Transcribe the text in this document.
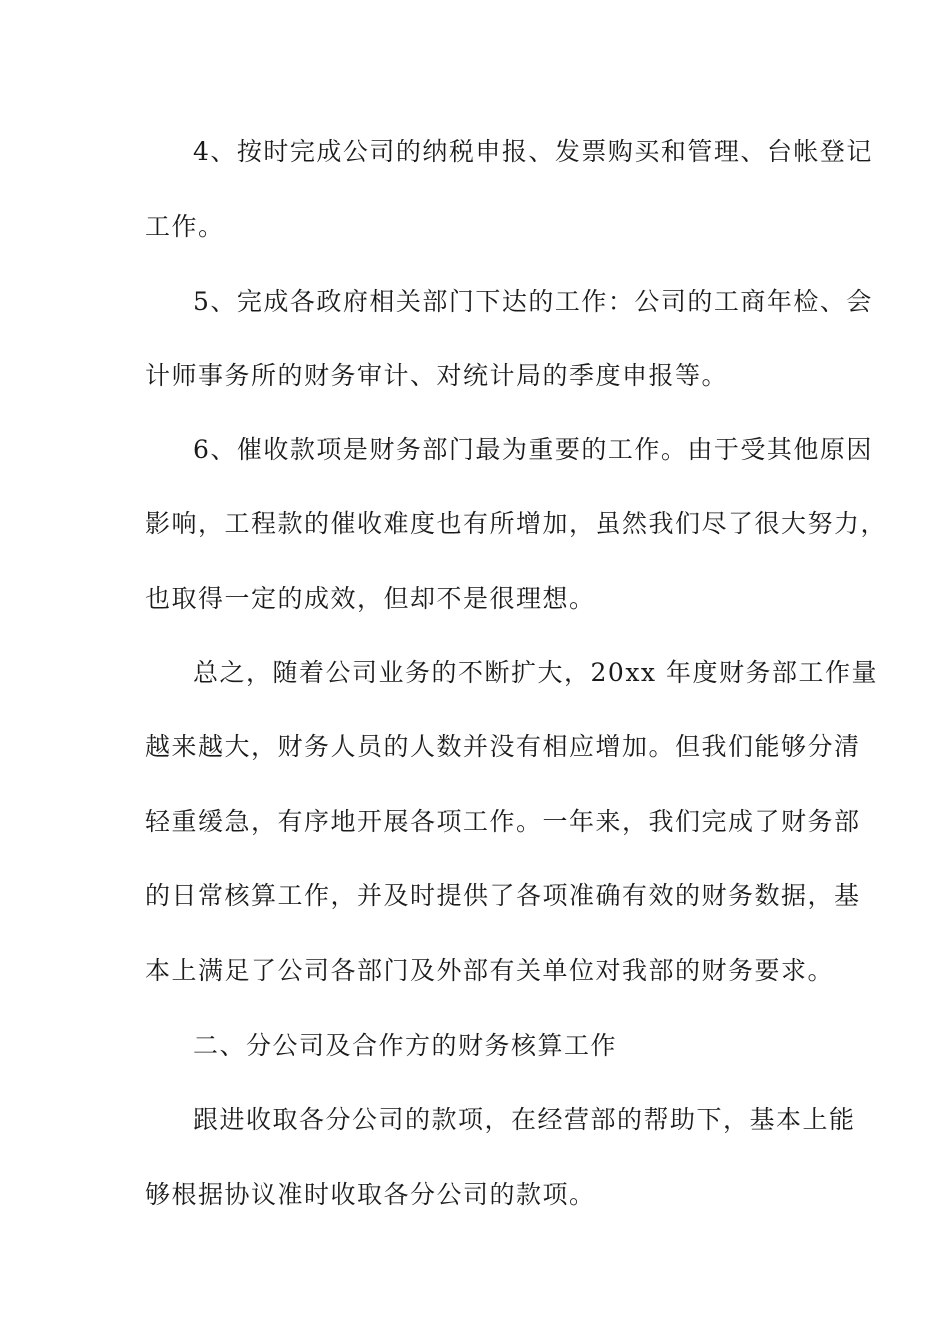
4、按时完成公司的纳税申报、发票购买和管理、台帐登记
工作。
5、完成各政府相关部门下达的工作：公司的工商年检、会
计师事务所的财务审计、对统计局的季度申报等。
6、催收款项是财务部门最为重要的工作。由于受其他原因
影响，工程款的催收难度也有所增加，虽然我们尽了很大努力，
也取得一定的成效，但却不是很理想。
总之，随着公司业务的不断扩大，20xx 年度财务部工作量
越来越大，财务人员的人数并没有相应增加。但我们能够分清
轻重缓急，有序地开展各项工作。一年来，我们完成了财务部
的日常核算工作，并及时提供了各项准确有效的财务数据，基
本上满足了公司各部门及外部有关单位对我部的财务要求。
二、分公司及合作方的财务核算工作
跟进收取各分公司的款项，在经营部的帮助下，基本上能
够根据协议准时收取各分公司的款项。
